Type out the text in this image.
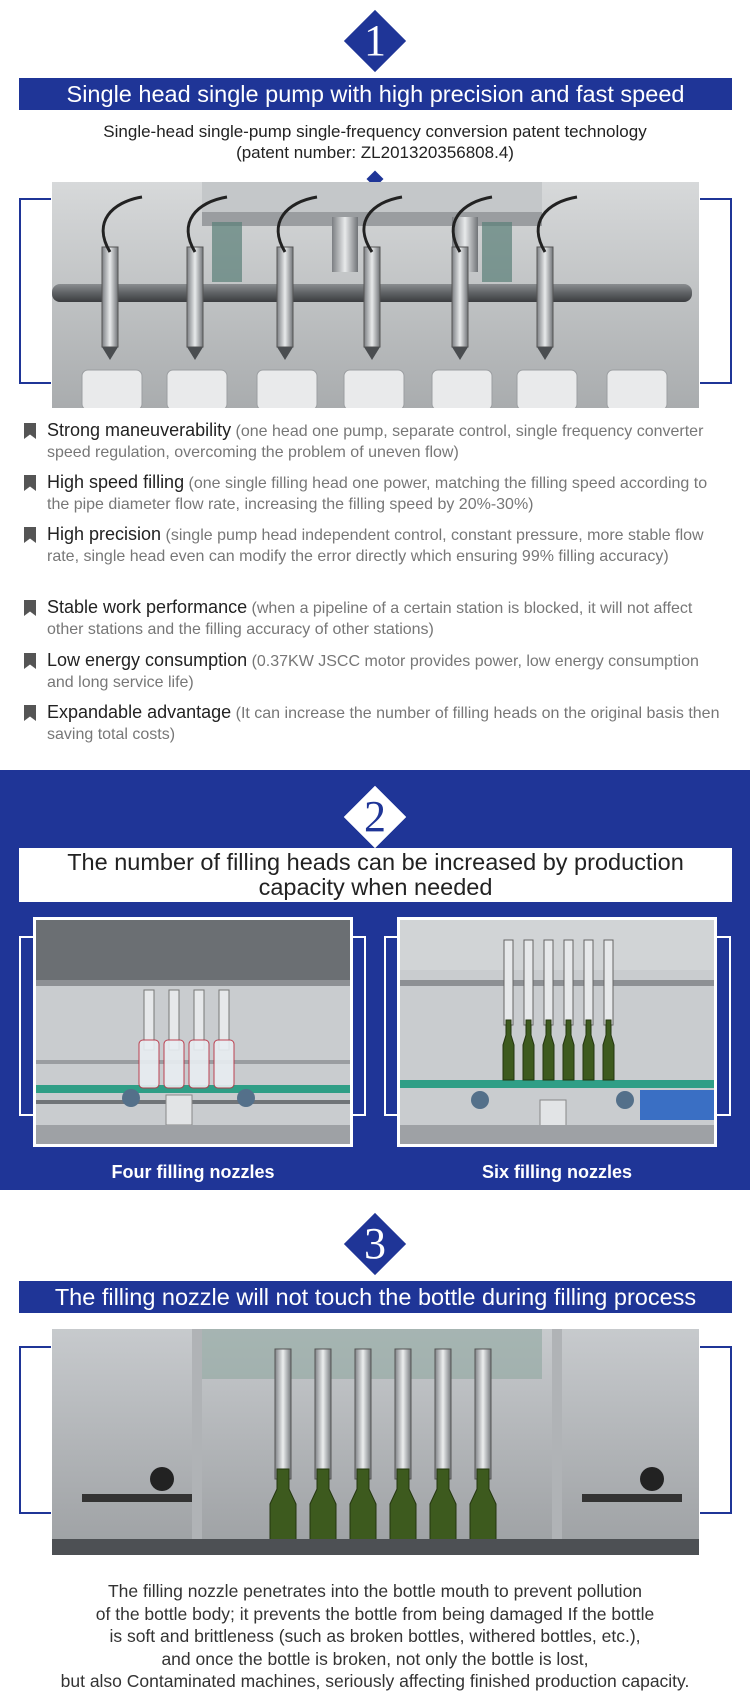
1
Single head single pump with high precision and fast speed
Single-head single-pump single-frequency conversion patent technology
(patent number: ZL201320356808.4)
Strong maneuverability (one head one pump, separate control, single frequency converter speed regulation, overcoming the problem of uneven flow)
High speed filling (one single filling head one power, matching the filling speed according to the pipe diameter flow rate, increasing the filling speed by 20%-30%)
High precision (single pump head independent control, constant pressure, more stable flow rate, single head even can modify the error directly which ensuring 99% filling accuracy)
Stable work performance (when a pipeline of a certain station is blocked, it will not affect other stations and the filling accuracy of other stations)
Low energy consumption (0.37KW JSCC motor provides power, low energy consumption and long service life)
Expandable advantage (It can increase the number of filling heads on the original basis then saving total costs)
2
The number of filling heads can be increased by production
capacity when needed
Four filling nozzles	Six filling nozzles
3
The filling nozzle will not touch the bottle during filling process
The filling nozzle penetrates into the bottle mouth to prevent pollution
of the bottle body; it prevents the bottle from being damaged If the bottle
is soft and brittleness (such as broken bottles, withered bottles, etc.),
and once the bottle is broken, not only the bottle is lost,
but also Contaminated machines, seriously affecting finished production capacity.
